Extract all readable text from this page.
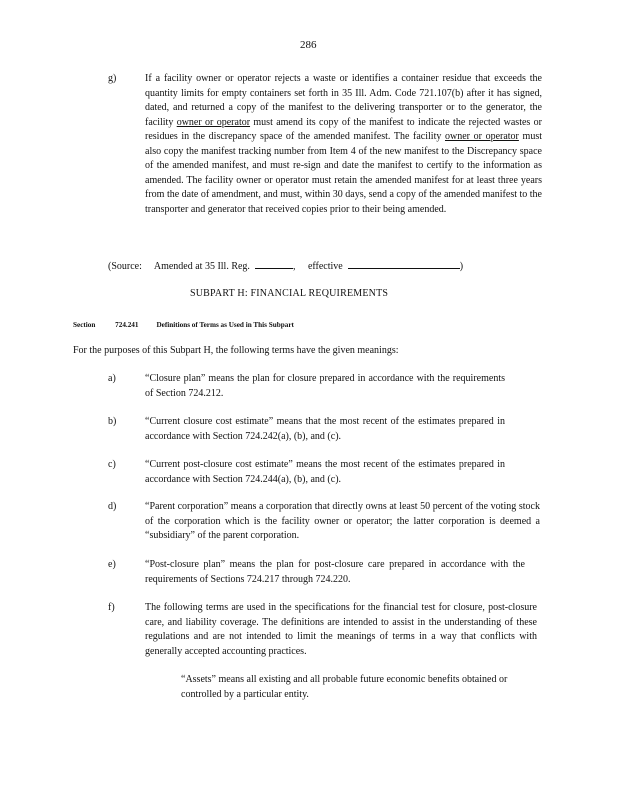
286
g)	If a facility owner or operator rejects a waste or identifies a container residue that exceeds the quantity limits for empty containers set forth in 35 Ill. Adm. Code 721.107(b) after it has signed, dated, and returned a copy of the manifest to the delivering transporter or to the generator, the facility owner or operator must amend its copy of the manifest to indicate the rejected wastes or residues in the discrepancy space of the amended manifest. The facility owner or operator must also copy the manifest tracking number from Item 4 of the new manifest to the Discrepancy space of the amended manifest, and must re-sign and date the manifest to certify to the information as amended. The facility owner or operator must retain the amended manifest for at least three years from the date of amendment, and must, within 30 days, send a copy of the amended manifest to the transporter and generator that received copies prior to their being amended.
(Source: Amended at 35 Ill. Reg.	, effective	)
SUBPART H: FINANCIAL REQUIREMENTS
Section	724.241 Definitions of Terms as Used in This Subpart
For the purposes of this Subpart H, the following terms have the given meanings:
a)	“Closure plan” means the plan for closure prepared in accordance with the requirements of Section 724.212.
b)	“Current closure cost estimate” means that the most recent of the estimates prepared in accordance with Section 724.242(a), (b), and (c).
c)	“Current post-closure cost estimate” means the most recent of the estimates prepared in accordance with Section 724.244(a), (b), and (c).
d)	“Parent corporation” means a corporation that directly owns at least 50 percent of the voting stock of the corporation which is the facility owner or operator; the latter corporation is deemed a “subsidiary” of the parent corporation.
e)	“Post-closure plan” means the plan for post-closure care prepared in accordance with the requirements of Sections 724.217 through 724.220.
f)	The following terms are used in the specifications for the financial test for closure, post-closure care, and liability coverage. The definitions are intended to assist in the understanding of these regulations and are not intended to limit the meanings of terms in a way that conflicts with generally accepted accounting practices.
“Assets” means all existing and all probable future economic benefits obtained or controlled by a particular entity.
